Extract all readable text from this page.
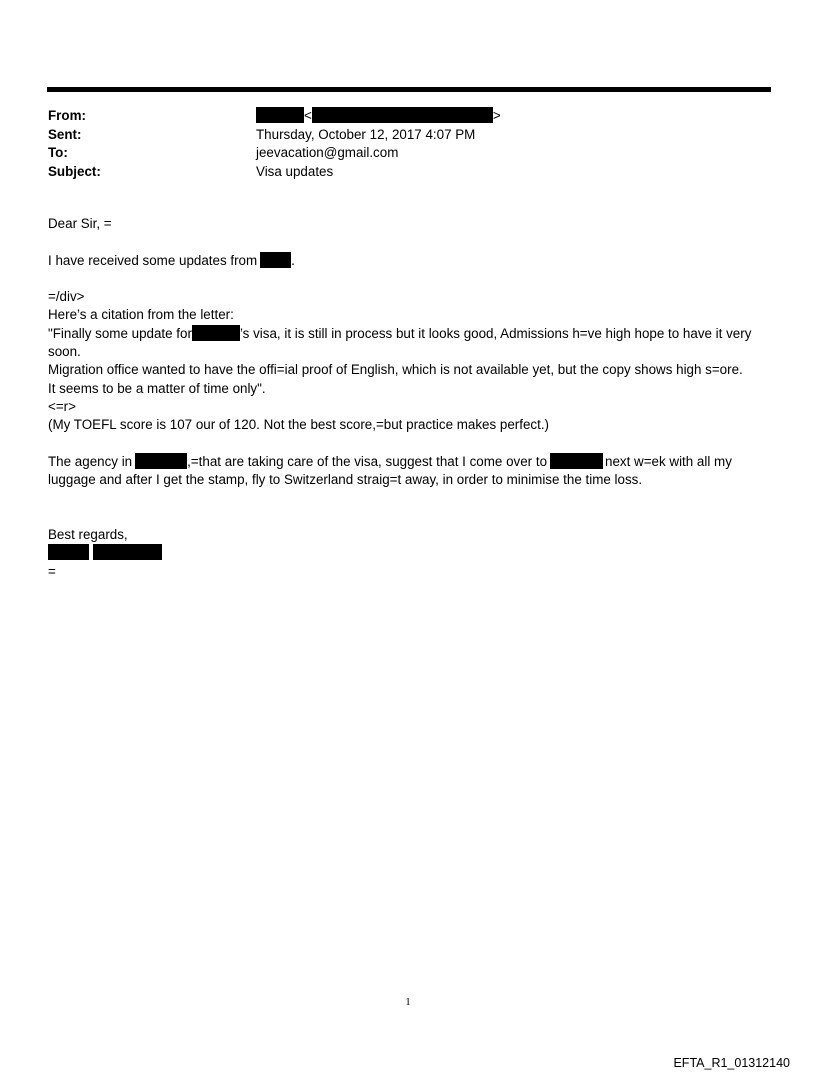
From:	<	>
Sent:	Thursday, October 12, 2017 4:07 PM
To:	jeevacation@gmail.com
Subject:	Visa updates
Dear Sir, =
I have received some updates from	.
=/div>
Here’s a citation from the letter:
"Finally some update for	’s visa, it is still in process but it looks good, Admissions h=ve high hope to have it very
soon.
Migration office wanted to have the offi=ial proof of English, which is not available yet, but the copy shows high s=ore.
It seems to be a matter of time only".
<=r>
(My TOEFL score is 107 our of 120. Not the best score,=but practice makes perfect.)
The agency in	,=that are taking care of the visa, suggest that I come over to	next w=ek with all my
luggage and after I get the stamp, fly to Switzerland straig=t away, in order to minimise the time loss.
Best regards,
=
1
EFTA_R1_01312140
